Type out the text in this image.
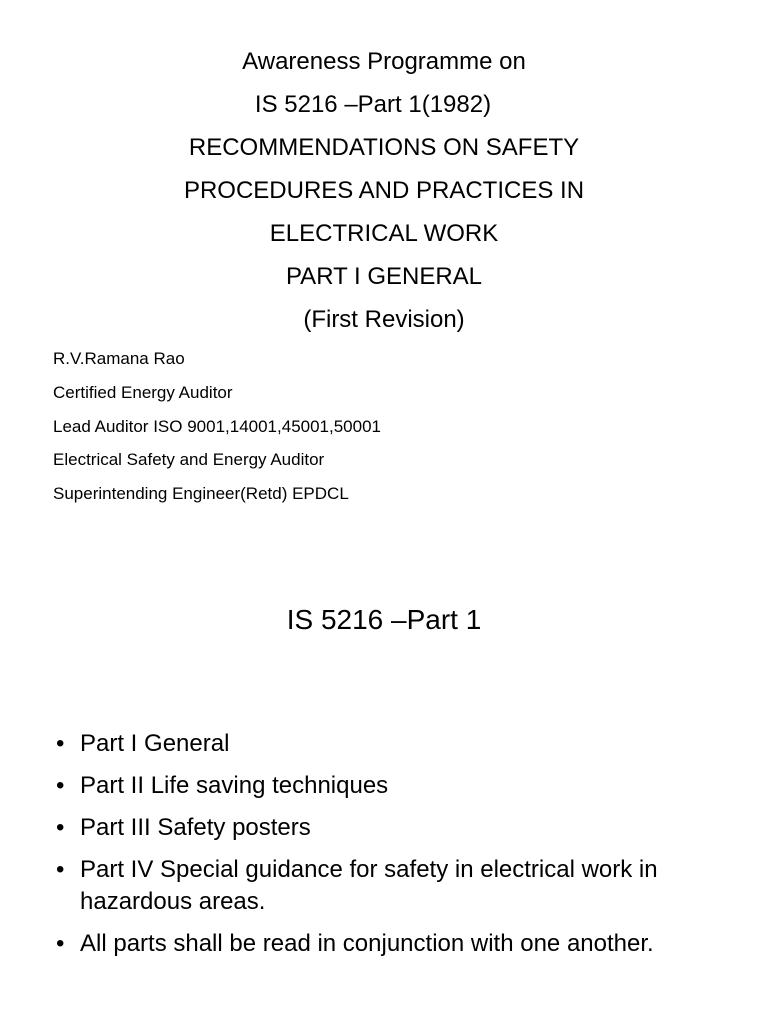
Awareness Programme on
IS 5216 –Part 1(1982)
RECOMMENDATIONS ON SAFETY
PROCEDURES AND PRACTICES IN
ELECTRICAL WORK
PART I GENERAL
(First Revision)
R.V.Ramana Rao
Certified Energy Auditor
Lead Auditor ISO 9001,14001,45001,50001
Electrical Safety and Energy Auditor
Superintending Engineer(Retd) EPDCL
IS 5216 –Part 1
• Part I General
• Part II Life saving techniques
• Part III Safety posters
• Part IV Special guidance for safety in electrical work in hazardous areas.
• All parts shall be read in conjunction with one another.
